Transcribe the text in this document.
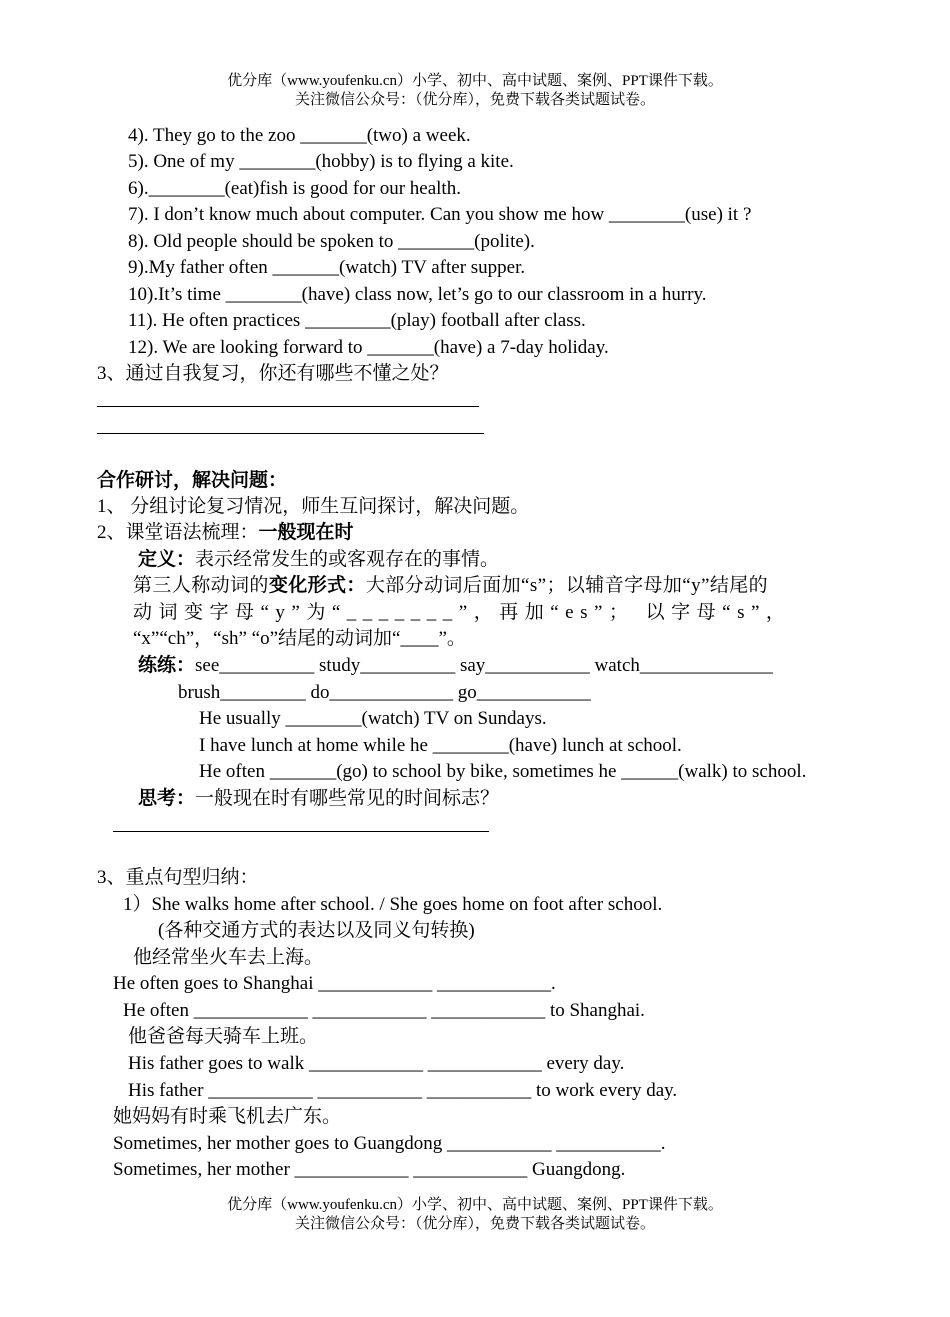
优分库（www.youfenku.cn）小学、初中、高中试题、案例、PPT课件下载。
关注微信公众号：（优分库），免费下载各类试题试卷。
4). They go to the zoo _______(two) a week.
5). One of my ________(hobby) is to flying a kite.
6).________(eat)fish is good for our health.
7). I don’t know much about computer. Can you show me how ________(use) it ?
8). Old people should be spoken to ________(polite).
9).My father often _______(watch) TV after supper.
10).It’s time ________(have) class now, let’s go to our classroom in a hurry.
11). He often practices _________(play) football after class.
12). We are looking forward to _______(have) a 7-day holiday.
3、通过自我复习，你还有哪些不懂之处？
合作研讨，解决问题：
1、 分组讨论复习情况，师生互问探讨，解决问题。
2、课堂语法梳理：一般现在时
定义：表示经常发生的或客观存在的事情。
第三人称动词的变化形式：大部分动词后面加“s”；以辅音字母加“y”结尾的
动词变字母“y”为“_______”，再加“es”； 以字母“s”，
“x”“ch”，“sh” “o”结尾的动词加“____”。
练练：see__________ study__________ say___________ watch______________
brush_________ do_____________ go____________
He usually ________(watch) TV on Sundays.
I have lunch at home while he ________(have) lunch at school.
He often _______(go) to school by bike, sometimes he ______(walk) to school.
思考：一般现在时有哪些常见的时间标志？
3、重点句型归纳：
1）She walks home after school. / She goes home on foot after school.
(各种交通方式的表达以及同义句转换)
他经常坐火车去上海。
He often goes to Shanghai ____________ ____________.
He often ____________ ____________ ____________ to Shanghai.
他爸爸每天骑车上班。
His father goes to walk ____________ ____________ every day.
His father ___________ ___________ ___________ to work every day.
她妈妈有时乘飞机去广东。
Sometimes, her mother goes to Guangdong ___________ ___________.
Sometimes, her mother ____________ ____________ Guangdong.
优分库（www.youfenku.cn）小学、初中、高中试题、案例、PPT课件下载。
关注微信公众号：（优分库），免费下载各类试题试卷。
